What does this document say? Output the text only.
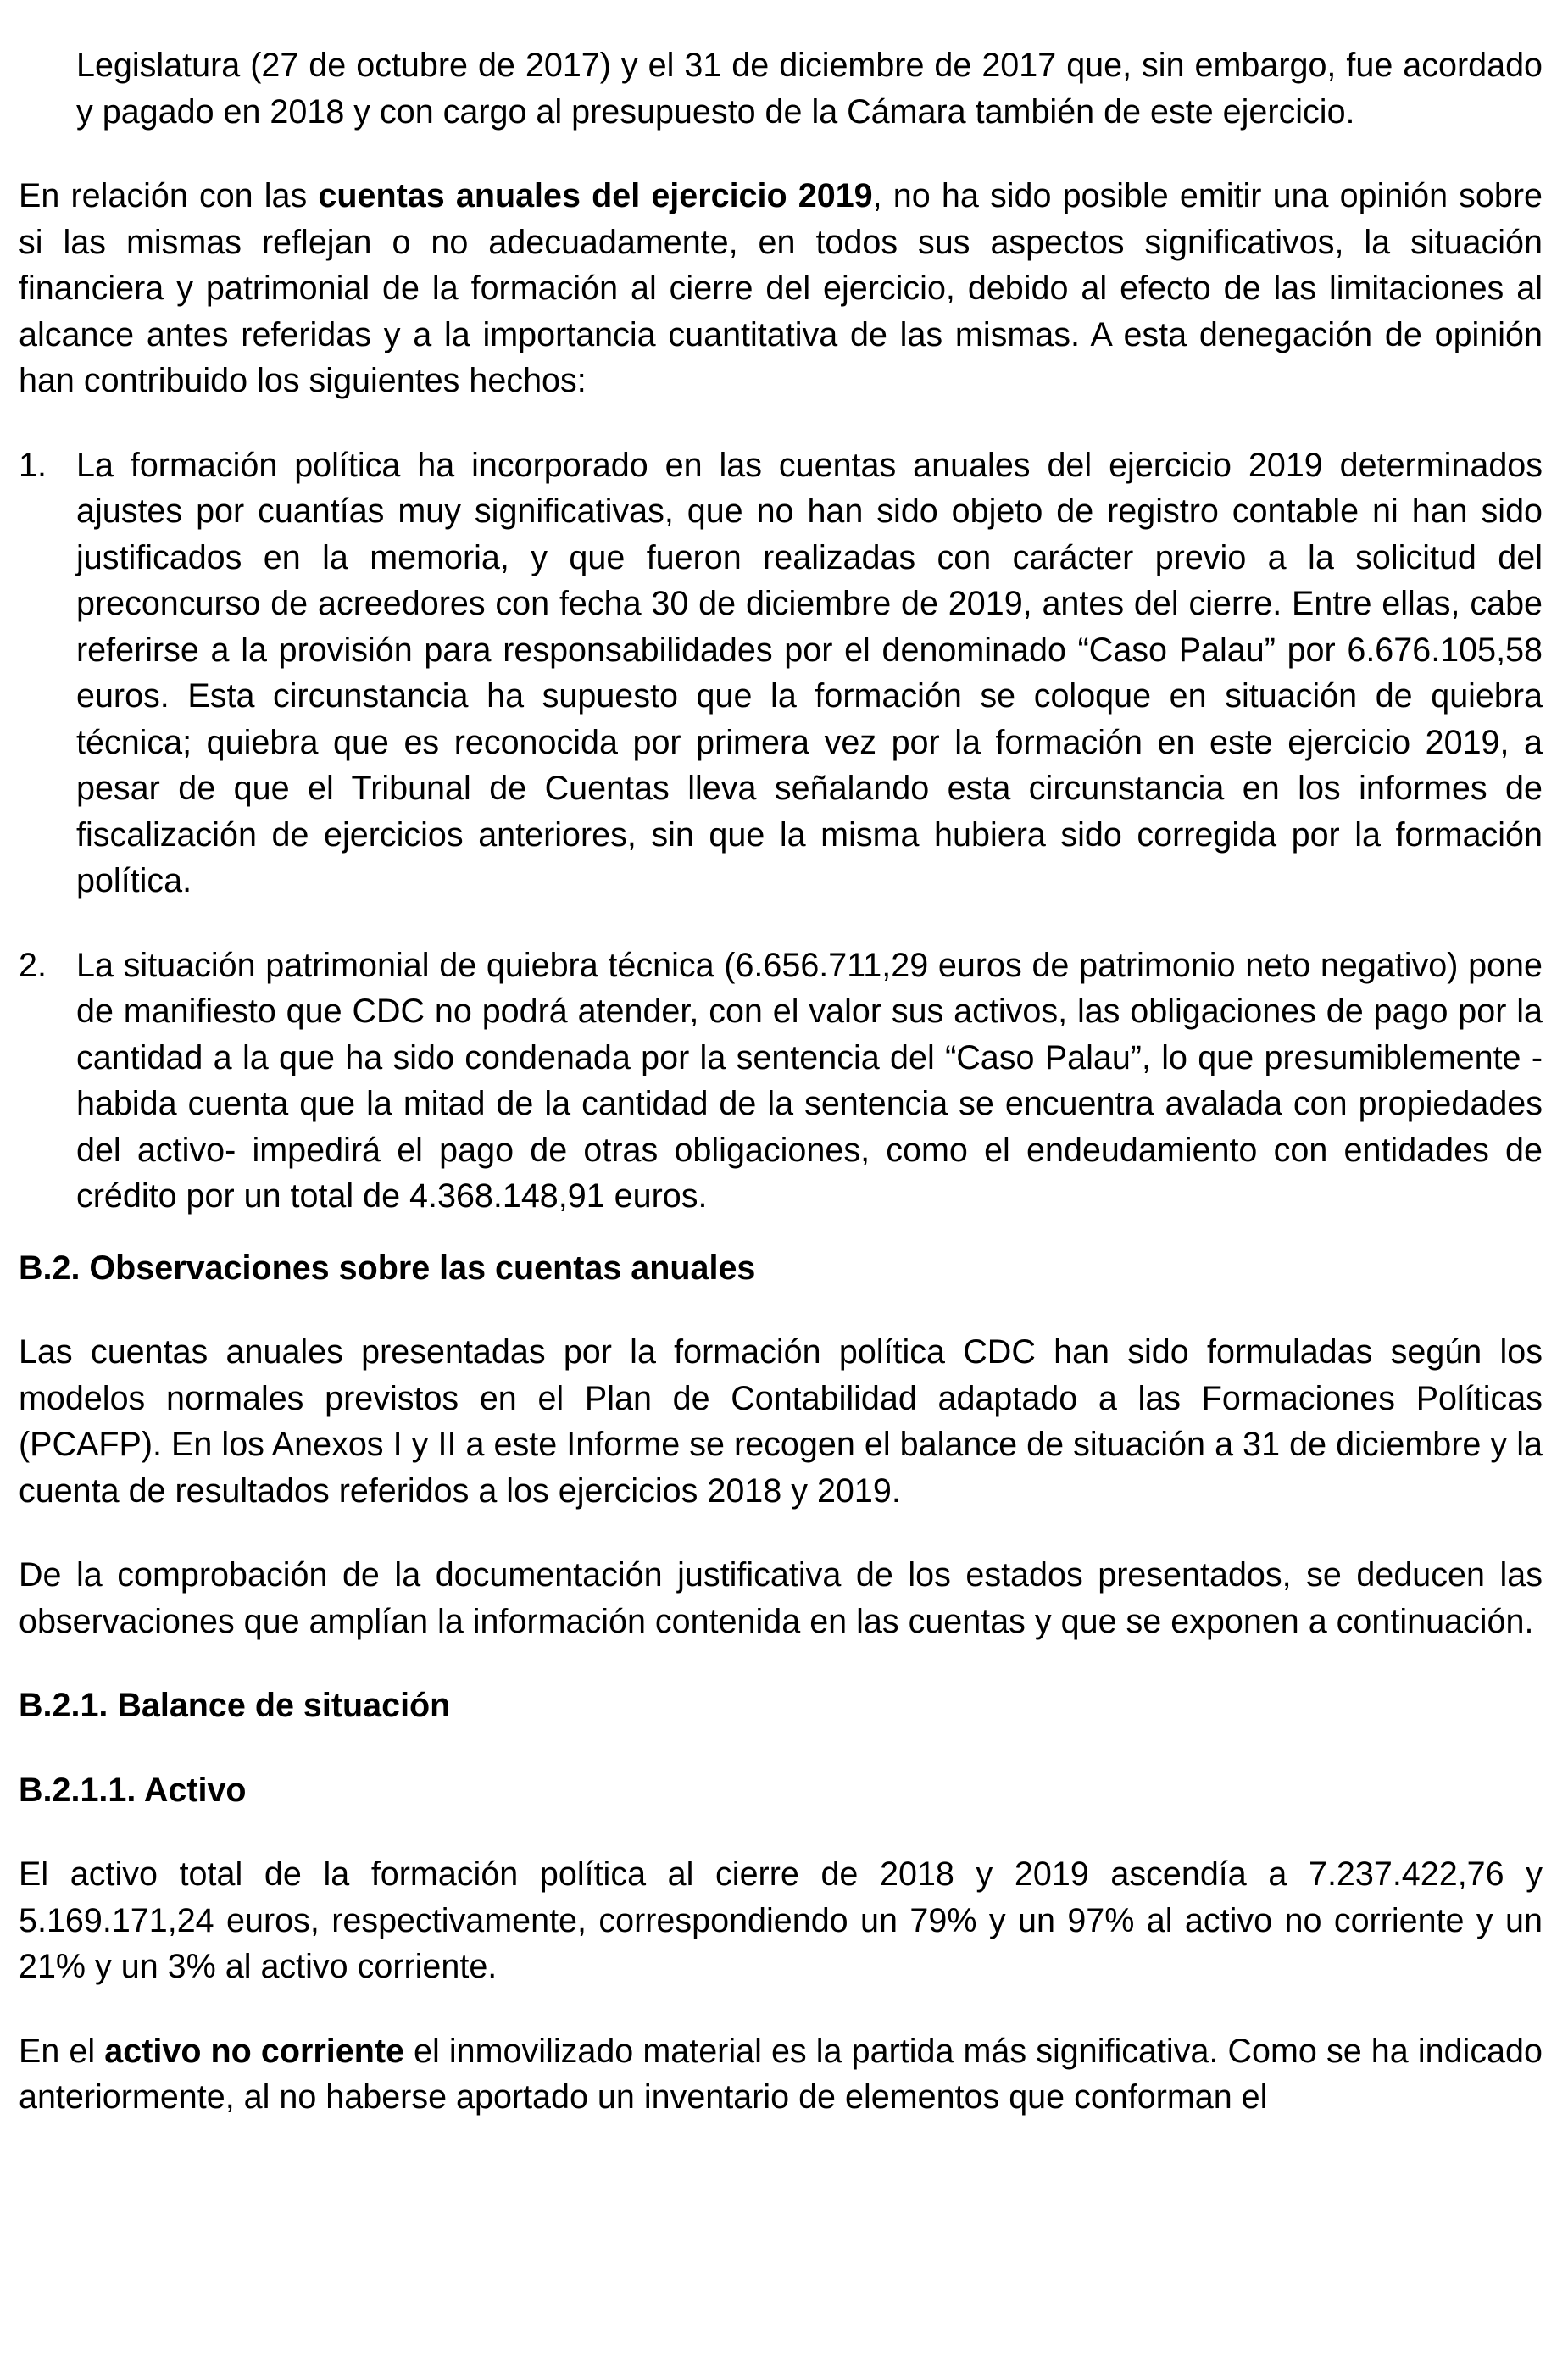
Legislatura (27 de octubre de 2017) y el 31 de diciembre de 2017 que, sin embargo, fue acordado y pagado en 2018 y con cargo al presupuesto de la Cámara también de este ejercicio.

En relación con las cuentas anuales del ejercicio 2019, no ha sido posible emitir una opinión sobre si las mismas reflejan o no adecuadamente, en todos sus aspectos significativos, la situación financiera y patrimonial de la formación al cierre del ejercicio, debido al efecto de las limitaciones al alcance antes referidas y a la importancia cuantitativa de las mismas. A esta denegación de opinión han contribuido los siguientes hechos:

1. La formación política ha incorporado en las cuentas anuales del ejercicio 2019 determinados ajustes por cuantías muy significativas, que no han sido objeto de registro contable ni han sido justificados en la memoria, y que fueron realizadas con carácter previo a la solicitud del preconcurso de acreedores con fecha 30 de diciembre de 2019, antes del cierre. Entre ellas, cabe referirse a la provisión para responsabilidades por el denominado “Caso Palau” por 6.676.105,58 euros. Esta circunstancia ha supuesto que la formación se coloque en situación de quiebra técnica; quiebra que es reconocida por primera vez por la formación en este ejercicio 2019, a pesar de que el Tribunal de Cuentas lleva señalando esta circunstancia en los informes de fiscalización de ejercicios anteriores, sin que la misma hubiera sido corregida por la formación política.
2. La situación patrimonial de quiebra técnica (6.656.711,29 euros de patrimonio neto negativo) pone de manifiesto que CDC no podrá atender, con el valor sus activos, las obligaciones de pago por la cantidad a la que ha sido condenada por la sentencia del “Caso Palau”, lo que presumiblemente -habida cuenta que la mitad de la cantidad de la sentencia se encuentra avalada con propiedades del activo- impedirá el pago de otras obligaciones, como el endeudamiento con entidades de crédito por un total de 4.368.148,91 euros.
B.2. Observaciones sobre las cuentas anuales

Las cuentas anuales presentadas por la formación política CDC han sido formuladas según los modelos normales previstos en el Plan de Contabilidad adaptado a las Formaciones Políticas (PCAFP). En los Anexos I y II a este Informe se recogen el balance de situación a 31 de diciembre y la cuenta de resultados referidos a los ejercicios 2018 y 2019.

De la comprobación de la documentación justificativa de los estados presentados, se deducen las observaciones que amplían la información contenida en las cuentas y que se exponen a continuación.

B.2.1. Balance de situación
B.2.1.1. Activo

El activo total de la formación política al cierre de 2018 y 2019 ascendía a 7.237.422,76 y 5.169.171,24 euros, respectivamente, correspondiendo un 79% y un 97% al activo no corriente y un 21% y un 3% al activo corriente.

En el activo no corriente el inmovilizado material es la partida más significativa. Como se ha indicado anteriormente, al no haberse aportado un inventario de elementos que conforman el
